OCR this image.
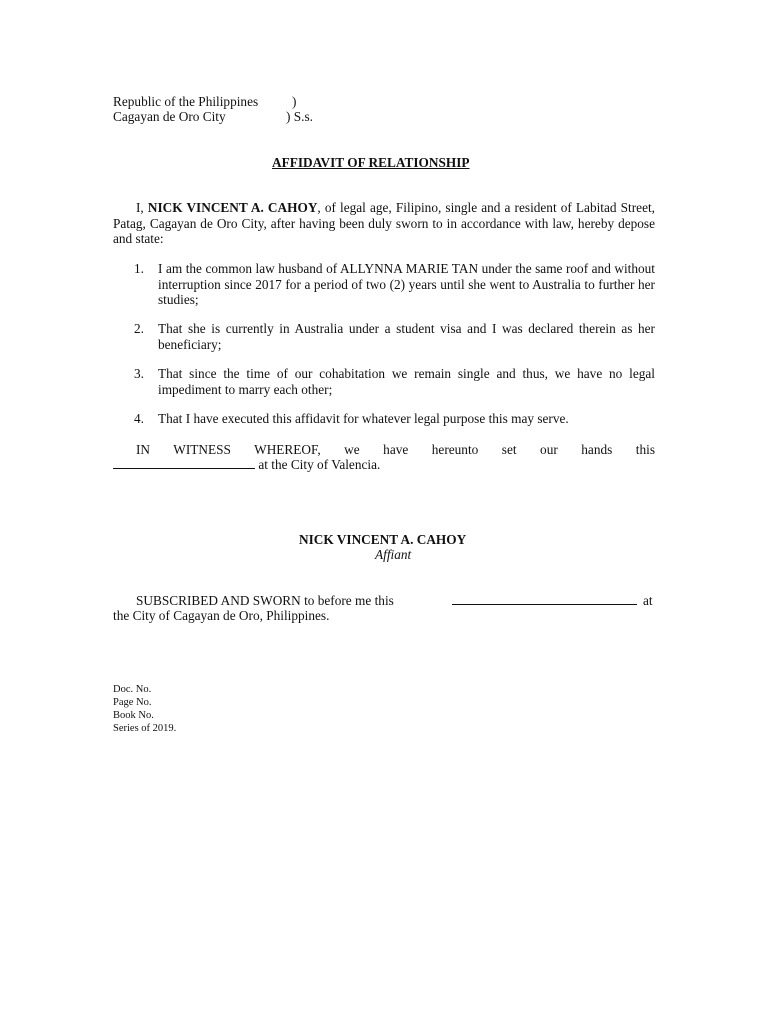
Republic of the Philippines	)
Cagayan de Oro City	) S.s.
AFFIDAVIT OF RELATIONSHIP
I, NICK VINCENT A. CAHOY, of legal age, Filipino, single and a resident of Labitad Street, Patag, Cagayan de Oro City, after having been duly sworn to in accordance with law, hereby depose and state:
1. I am the common law husband of ALLYNNA MARIE TAN under the same roof and without interruption since 2017 for a period of two (2) years until she went to Australia to further her studies;
2. That she is currently in Australia under a student visa and I was declared therein as her beneficiary;
3. That since the time of our cohabitation we remain single and thus, we have no legal impediment to marry each other;
4. That I have executed this affidavit for whatever legal purpose this may serve.
IN WITNESS WHEREOF, we have hereunto set our hands this
at the City of Valencia.
NICK VINCENT A. CAHOY
Affiant
SUBSCRIBED AND SWORN to before me this	at
the City of Cagayan de Oro, Philippines.
Doc. No.
Page No.
Book No.
Series of 2019.
